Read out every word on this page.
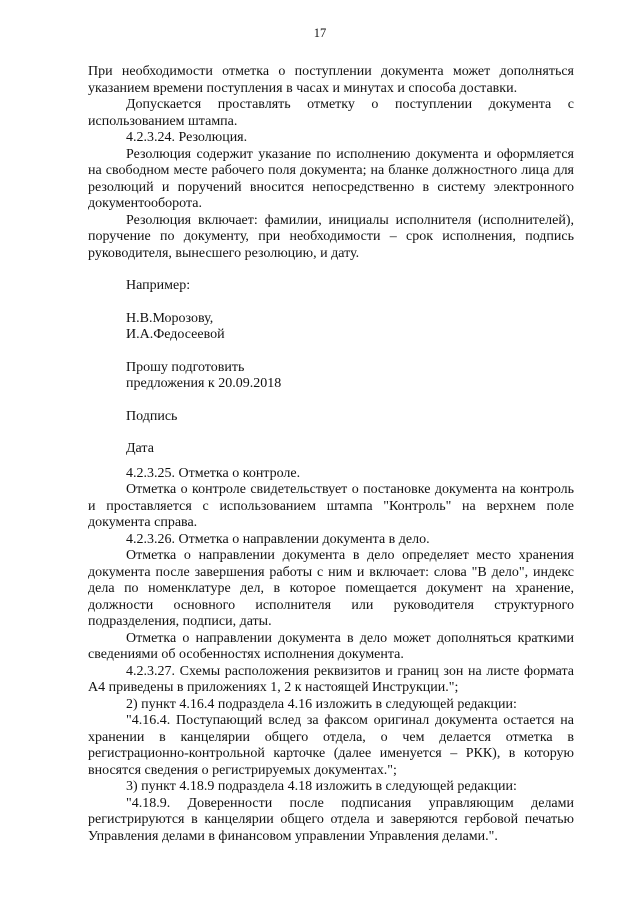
17

При необходимости отметка о поступлении документа может дополняться указанием времени поступления в часах и минутах и способа доставки.

Допускается проставлять отметку о поступлении документа с использованием штампа.

4.2.3.24. Резолюция.

Резолюция содержит указание по исполнению документа и оформляется на свободном месте рабочего поля документа; на бланке должностного лица для резолюций и поручений вносится непосредственно в систему электронного документооборота.

Резолюция включает: фамилии, инициалы исполнителя (исполнителей), поручение по документу, при необходимости – срок исполнения, подпись руководителя, вынесшего резолюцию, и дату.

Например:

Н.В.Морозову,
И.А.Федосеевой

Прошу подготовить
предложения к 20.09.2018

Подпись

Дата

4.2.3.25. Отметка о контроле.

Отметка о контроле свидетельствует о постановке документа на контроль и проставляется с использованием штампа "Контроль" на верхнем поле документа справа.

4.2.3.26. Отметка о направлении документа в дело.

Отметка о направлении документа в дело определяет место хранения документа после завершения работы с ним и включает: слова "В дело", индекс дела по номенклатуре дел, в которое помещается документ на хранение, должности основного исполнителя или руководителя структурного подразделения, подписи, даты.

Отметка о направлении документа в дело может дополняться краткими сведениями об особенностях исполнения документа.

4.2.3.27. Схемы расположения реквизитов и границ зон на листе формата А4 приведены в приложениях 1, 2 к настоящей Инструкции.";

2) пункт 4.16.4 подраздела 4.16 изложить в следующей редакции:

"4.16.4. Поступающий вслед за факсом оригинал документа остается на хранении в канцелярии общего отдела, о чем делается отметка в регистрационно-контрольной карточке (далее именуется – РКК), в которую вносятся сведения о регистрируемых документах.";

3) пункт 4.18.9 подраздела 4.18 изложить в следующей редакции:

"4.18.9. Доверенности после подписания управляющим делами регистрируются в канцелярии общего отдела и заверяются гербовой печатью Управления делами в финансовом управлении Управления делами.".
